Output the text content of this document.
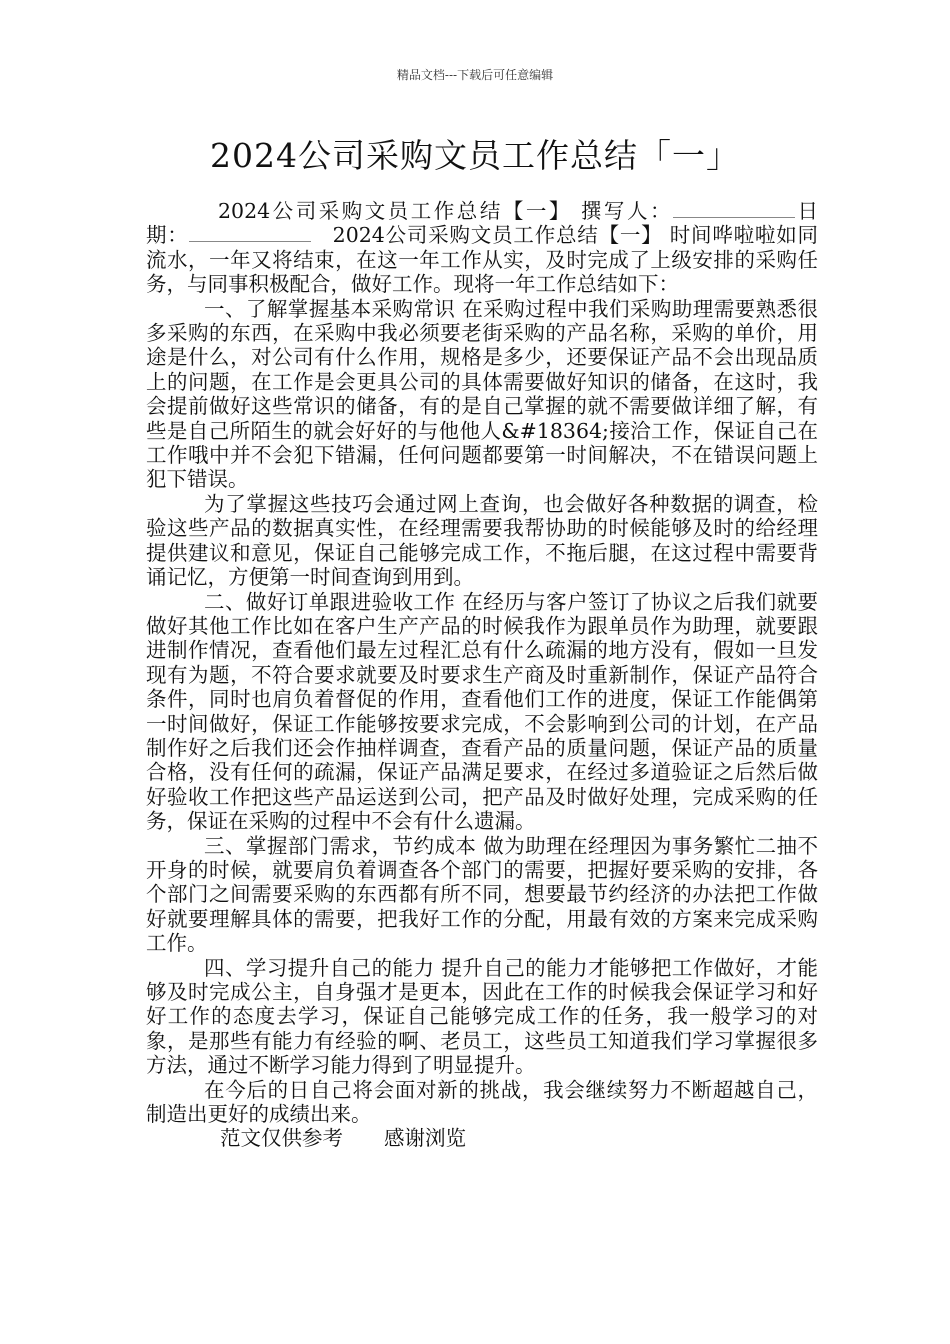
精品文档---下载后可任意编辑
2024公司采购文员工作总结「一」

2024公司采购文员工作总结【一】 撰写人：	日　期：	　2024公司采购文员工作总结【一】 时间哗啦啦如同流水，一年又将结束，在这一年工作从实，及时完成了上级安排的采购任务，与同事积极配合，做好工作。现将一年工作总结如下：

一、了解掌握基本采购常识 在采购过程中我们采购助理需要熟悉很多采购的东西，在采购中我必须要老街采购的产品名称，采购的单价，用途是什么，对公司有什么作用，规格是多少，还要保证产品不会出现品质上的问题，在工作是会更具公司的具体需要做好知识的储备，在这时，我会提前做好这些常识的储备，有的是自己掌握的就不需要做详细了解，有些是自己所陌生的就会好好的与他他人&#18364;接洽工作，保证自己在工作哦中并不会犯下错漏，任何问题都要第一时间解决，不在错误问题上犯下错误。

为了掌握这些技巧会通过网上查询，也会做好各种数据的调查，检验这些产品的数据真实性，在经理需要我帮协助的时候能够及时的给经理提供建议和意见，保证自己能够完成工作，不拖后腿，在这过程中需要背诵记忆，方便第一时间查询到用到。

二、做好订单跟进验收工作 在经历与客户签订了协议之后我们就要做好其他工作比如在客户生产产品的时候我作为跟单员作为助理，就要跟进制作情况，查看他们最左过程汇总有什么疏漏的地方没有，假如一旦发现有为题，不符合要求就要及时要求生产商及时重新制作，保证产品符合条件，同时也肩负着督促的作用，查看他们工作的进度，保证工作能偶第一时间做好，保证工作能够按要求完成，不会影响到公司的计划，在产品制作好之后我们还会作抽样调查，查看产品的质量问题，保证产品的质量合格，没有任何的疏漏，保证产品满足要求，在经过多道验证之后然后做好验收工作把这些产品运送到公司，把产品及时做好处理，完成采购的任务，保证在采购的过程中不会有什么遗漏。

三、掌握部门需求，节约成本 做为助理在经理因为事务繁忙二抽不开身的时候，就要肩负着调查各个部门的需要，把握好要采购的安排，各个部门之间需要采购的东西都有所不同，想要最节约经济的办法把工作做好就要理解具体的需要，把我好工作的分配，用最有效的方案来完成采购工作。

四、学习提升自己的能力 提升自己的能力才能够把工作做好，才能够及时完成公主，自身强才是更本，因此在工作的时候我会保证学习和好好工作的态度去学习，保证自己能够完成工作的任务，我一般学习的对象，是那些有能力有经验的啊、老员工，这些员工知道我们学习掌握很多方法，通过不断学习能力得到了明显提升。

在今后的日自己将会面对新的挑战，我会继续努力不断超越自己，制造出更好的成绩出来。

范文仅供参考　　感谢浏览
